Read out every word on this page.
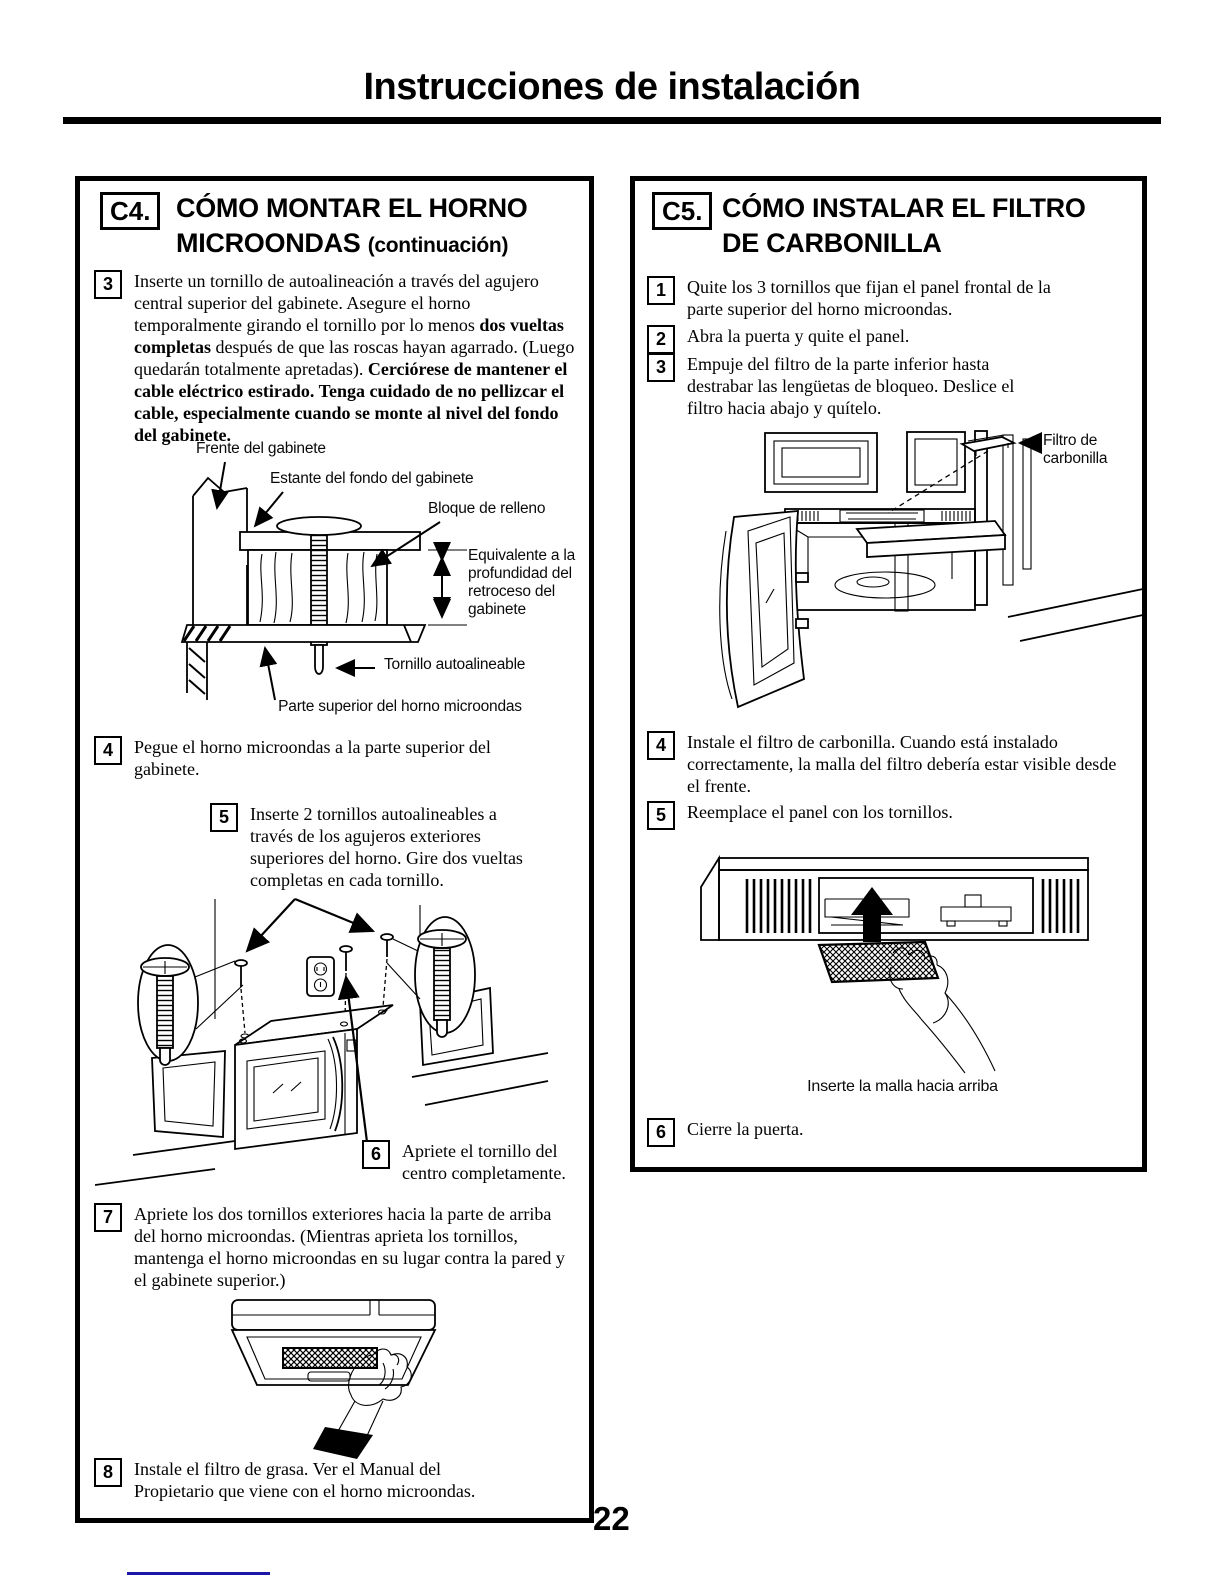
Instrucciones de instalación
C4. CÓMO MONTAR EL HORNO
MICROONDAS (continuación)
3	Inserte un tornillo de autoalineación a través del agujero central superior del gabinete. Asegure el horno temporalmente girando el tornillo por lo menos dos vueltas completas después de que las roscas hayan agarrado. (Luego quedarán totalmente apretadas). Cerciórese de mantener el cable eléctrico estirado. Tenga cuidado de no pellizcar el cable, especialmente cuando se monte al nivel del fondo del gabinete.
Frente del gabinete
Estante del fondo del gabinete
Bloque de relleno
Equivalente a la profundidad del retroceso del gabinete
Tornillo autoalineable
Parte superior del horno microondas
4	Pegue el horno microondas a la parte superior del gabinete.
5	Inserte 2 tornillos autoalineables a través de los agujeros exteriores superiores del horno. Gire dos vueltas completas en cada tornillo.
6	Apriete el tornillo del centro completamente.
7	Apriete los dos tornillos exteriores hacia la parte de arriba del horno microondas. (Mientras aprieta los tornillos, mantenga el horno microondas en su lugar contra la pared y el gabinete superior.)
8	Instale el filtro de grasa. Ver el Manual del Propietario que viene con el horno microondas.
C5. CÓMO INSTALAR EL FILTRO
DE CARBONILLA
1	Quite los 3 tornillos que fijan el panel frontal de la parte superior del horno microondas.
2	Abra la puerta y quite el panel.
3	Empuje del filtro de la parte inferior hasta destrabar las lengüetas de bloqueo. Deslice el filtro hacia abajo y quítelo.
Filtro de carbonilla
4	Instale el filtro de carbonilla. Cuando está instalado correctamente, la malla del filtro debería estar visible desde el frente.
5	Reemplace el panel con los tornillos.
Inserte la malla hacia arriba
6	Cierre la puerta.
22
